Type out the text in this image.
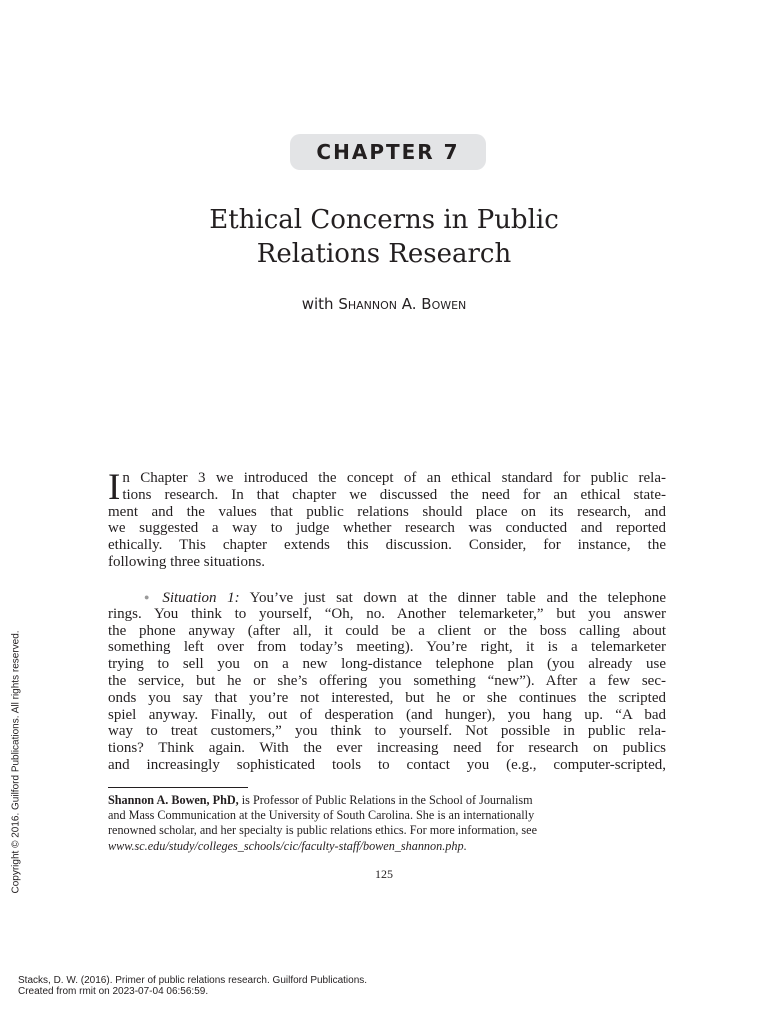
CHAPTER 7
Ethical Concerns in Public
Relations Research
with Shannon A. Bowen
I n Chapter 3 we introduced the concept of an ethical standard for public rela-
tions research. In that chapter we discussed the need for an ethical state-
ment and the values that public relations should place on its research, and
we suggested a way to judge whether research was conducted and reported
ethically. This chapter extends this discussion. Consider, for instance, the
following three situations.
● Situation 1: You’ve just sat down at the dinner table and the telephone
rings. You think to yourself, “Oh, no. Another telemarketer,” but you answer
the phone anyway (after all, it could be a client or the boss calling about
something left over from today’s meeting). You’re right, it is a telemarketer
trying to sell you on a new long-distance telephone plan (you already use
the service, but he or she’s offering you something “new”). After a few sec-
onds you say that you’re not interested, but he or she continues the scripted
spiel anyway. Finally, out of desperation (and hunger), you hang up. “A bad
way to treat customers,” you think to yourself. Not possible in public rela-
tions? Think again. With the ever increasing need for research on publics
and increasingly sophisticated tools to contact you (e.g., computer-scripted,
Shannon A. Bowen, PhD, is Professor of Public Relations in the School of Journalism
and Mass Communication at the University of South Carolina. She is an internationally
renowned scholar, and her specialty is public relations ethics. For more information, see
www.sc.edu/study/colleges_schools/cic/faculty-staff/bowen_shannon.php.
125
Copyright © 2016. Guilford Publications. All rights reserved.
Stacks, D. W. (2016). Primer of public relations research. Guilford Publications.
Created from rmit on 2023-07-04 06:56:59.
